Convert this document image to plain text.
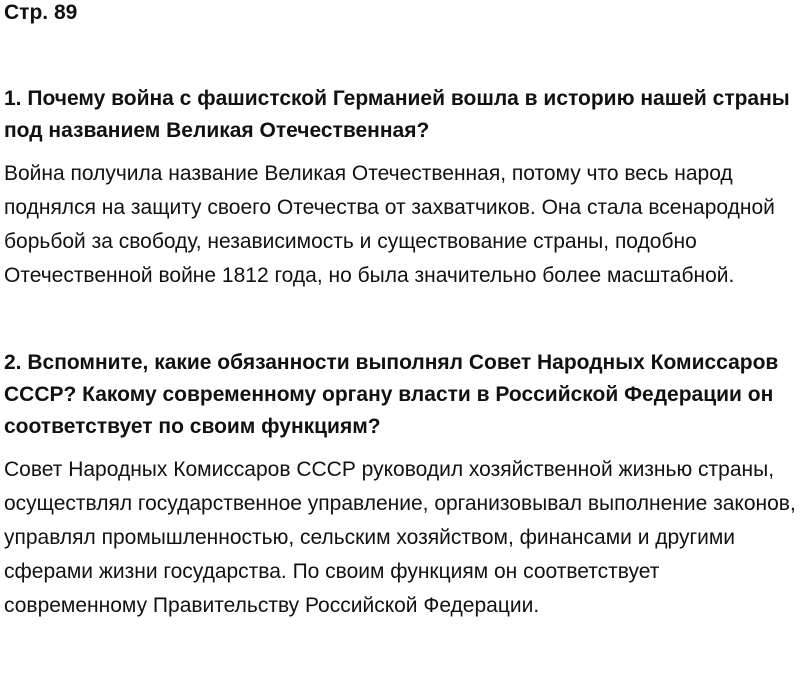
Стр. 89

1. Почему война с фашистской Германией вошла в историю нашей страны под названием Великая Отечественная?

Война получила название Великая Отечественная, потому что весь народ поднялся на защиту своего Отечества от захватчиков. Она стала всенародной борьбой за свободу, независимость и существование страны, подобно Отечественной войне 1812 года, но была значительно более масштабной.

2. Вспомните, какие обязанности выполнял Совет Народных Комиссаров СССР? Какому современному органу власти в Российской Федерации он соответствует по своим функциям?

Совет Народных Комиссаров СССР руководил хозяйственной жизнью страны, осуществлял государственное управление, организовывал выполнение законов, управлял промышленностью, сельским хозяйством, финансами и другими сферами жизни государства. По своим функциям он соответствует современному Правительству Российской Федерации.
